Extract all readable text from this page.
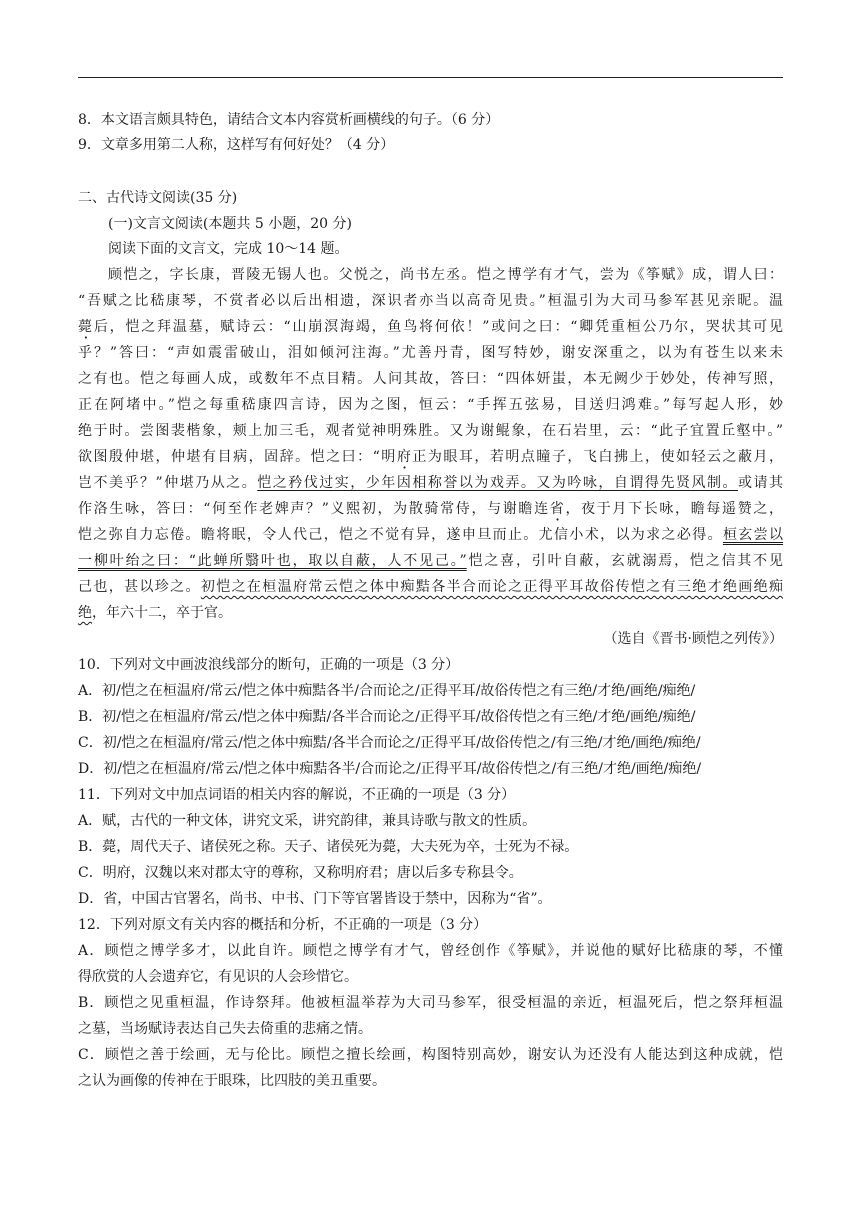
8．本文语言颇具特色，请结合文本内容赏析画横线的句子。（6 分）
9．文章多用第二人称，这样写有何好处？（4 分）
二、古代诗文阅读(35 分)
(一)文言文阅读(本题共 5 小题，20 分)
阅读下面的文言文，完成 10～14 题。
顾恺之，字长康，晋陵无锡人也。父悦之，尚书左丞。恺之博学有才气，尝为《筝赋》成，谓人曰：
“吾赋之比嵇康琴，不赏者必以后出相遗，深识者亦当以高奇见贵。”桓温引为大司马参军甚见亲昵。温
薨后，恺之拜温墓，赋诗云：“山崩溟海竭，鱼鸟将何依！”或问之曰：“卿凭重桓公乃尔，哭状其可见
乎？”答曰：“声如震雷破山，泪如倾河注海。”尤善丹青，图写特妙，谢安深重之，以为有苍生以来未
之有也。恺之每画人成，或数年不点目精。人问其故，答曰：“四体妍蚩，本无阙少于妙处，传神写照，
正在阿堵中。”恺之每重嵇康四言诗，因为之图，恒云：“手挥五弦易，目送归鸿难。”每写起人形，妙
绝于时。尝图裴楷象，颊上加三毛，观者觉神明殊胜。又为谢鲲象，在石岩里，云：“此子宜置丘壑中。”
欲图殷仲堪，仲堪有目病，固辞。恺之曰：“明府正为眼耳，若明点瞳子，飞白拂上，使如轻云之蔽月，
岂不美乎？”仲堪乃从之。恺之矜伐过实，少年因相称誉以为戏弄。又为吟咏，自谓得先贤风制。或请其
作洛生咏，答曰：“何至作老婢声？”义熙初，为散骑常侍，与谢瞻连省，夜于月下长咏，瞻每遥赞之，
恺之弥自力忘倦。瞻将眠，令人代己，恺之不觉有异，遂申旦而止。尤信小术，以为求之必得。桓玄尝以
一柳叶绐之曰：“此蝉所翳叶也，取以自蔽，人不见己。”恺之喜，引叶自蔽，玄就溺焉，恺之信其不见
己也，甚以珍之。初恺之在桓温府常云恺之体中痴黠各半合而论之正得平耳故俗传恺之有三绝才绝画绝痴
绝，年六十二，卒于官。
（选自《晋书·顾恺之列传》）
10．下列对文中画波浪线部分的断句，正确的一项是（3 分）
A．初/恺之在桓温府/常云/恺之体中痴黠各半/合而论之/正得平耳/故俗传恺之有三绝/才绝/画绝/痴绝/
B．初/恺之在桓温府/常云/恺之体中痴黠/各半合而论之/正得平耳/故俗传恺之有三绝/才绝/画绝/痴绝/
C．初/恺之在桓温府/常云/恺之体中痴黠/各半合而论之/正得平耳/故俗传恺之/有三绝/才绝/画绝/痴绝/
D．初/恺之在桓温府/常云/恺之体中痴黠各半/合而论之/正得平耳/故俗传恺之/有三绝/才绝/画绝/痴绝/
11．下列对文中加点词语的相关内容的解说，不正确的一项是（3 分）
A．赋，古代的一种文体，讲究文采，讲究韵律，兼具诗歌与散文的性质。
B．薨，周代天子、诸侯死之称。天子、诸侯死为薨，大夫死为卒，士死为不禄。
C．明府，汉魏以来对郡太守的尊称，又称明府君；唐以后多专称县令。
D．省，中国古官署名，尚书、中书、门下等官署皆设于禁中，因称为“省”。
12．下列对原文有关内容的概括和分析，不正确的一项是（3 分）
A．顾恺之博学多才，以此自许。顾恺之博学有才气，曾经创作《筝赋》，并说他的赋好比嵇康的琴，不懂
得欣赏的人会遗弃它，有见识的人会珍惜它。
B．顾恺之见重桓温，作诗祭拜。他被桓温举荐为大司马参军，很受桓温的亲近，桓温死后，恺之祭拜桓温
之墓，当场赋诗表达自己失去倚重的悲痛之情。
C．顾恺之善于绘画，无与伦比。顾恺之擅长绘画，构图特别高妙，谢安认为还没有人能达到这种成就，恺
之认为画像的传神在于眼珠，比四肢的美丑重要。
